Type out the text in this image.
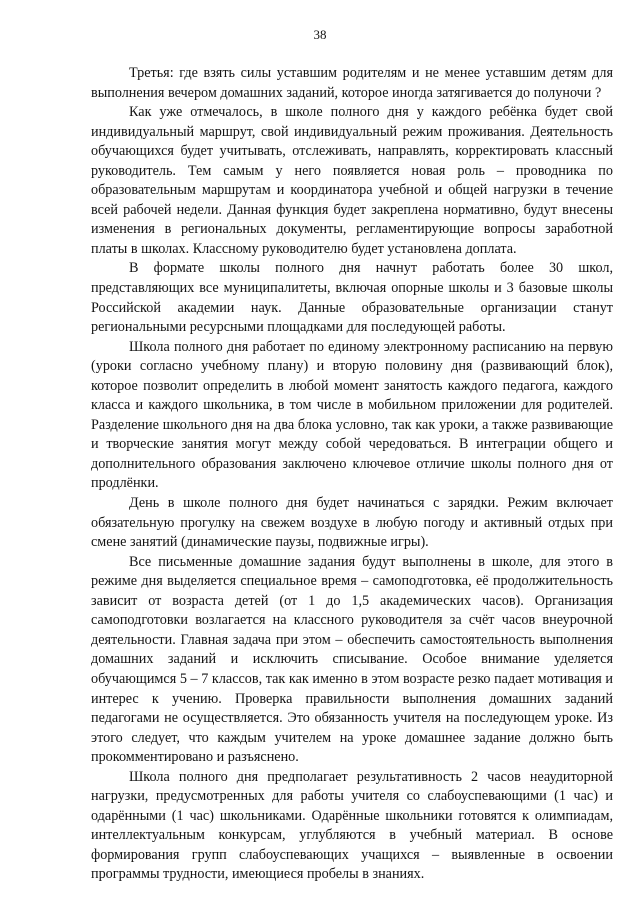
38

Третья: где взять силы уставшим родителям и не менее уставшим детям для выполнения вечером домашних заданий, которое иногда затягивается до полуночи ?

Как уже отмечалось, в школе полного дня у каждого ребёнка будет свой индивидуальный маршрут, свой индивидуальный режим проживания. Деятельность обучающихся будет учитывать, отслеживать, направлять, корректировать классный руководитель. Тем самым у него появляется новая роль – проводника по образовательным маршрутам и координатора учебной и общей нагрузки в течение всей рабочей недели. Данная функция будет закреплена нормативно, будут внесены изменения в региональных документы, регламентирующие вопросы заработной платы в школах. Классному руководителю будет установлена доплата.

В формате школы полного дня начнут работать более 30 школ, представляющих все муниципалитеты, включая опорные школы и 3 базовые школы Российской академии наук. Данные образовательные организации станут региональными ресурсными площадками для последующей работы.

Школа полного дня работает по единому электронному расписанию на первую (уроки согласно учебному плану) и вторую половину дня (развивающий блок), которое позволит определить в любой момент занятость каждого педагога, каждого класса и каждого школьника, в том числе в мобильном приложении для родителей. Разделение школьного дня на два блока условно, так как уроки, а также развивающие и творческие занятия могут между собой чередоваться. В интеграции общего и дополнительного образования заключено ключевое отличие школы полного дня от продлёнки.

День в школе полного дня будет начинаться с зарядки. Режим включает обязательную прогулку на свежем воздухе в любую погоду и активный отдых при смене занятий (динамические паузы, подвижные игры).

Все письменные домашние задания будут выполнены в школе, для этого в режиме дня выделяется специальное время – самоподготовка, её продолжительность зависит от возраста детей (от 1 до 1,5 академических часов). Организация самоподготовки возлагается на классного руководителя за счёт часов внеурочной деятельности. Главная задача при этом – обеспечить самостоятельность выполнения домашних заданий и исключить списывание. Особое внимание уделяется обучающимся 5 – 7 классов, так как именно в этом возрасте резко падает мотивация и интерес к учению. Проверка правильности выполнения домашних заданий педагогами не осуществляется. Это обязанность учителя на последующем уроке. Из этого следует, что каждым учителем на уроке домашнее задание должно быть прокомментировано и разъяснено.

Школа полного дня предполагает результативность 2 часов неаудиторной нагрузки, предусмотренных для работы учителя со слабоуспевающими (1 час) и одарёнными (1 час) школьниками. Одарённые школьники готовятся к олимпиадам, интеллектуальным конкурсам, углубляются в учебный материал. В основе формирования групп слабоуспевающих учащихся – выявленные в освоении программы трудности, имеющиеся пробелы в знаниях.
